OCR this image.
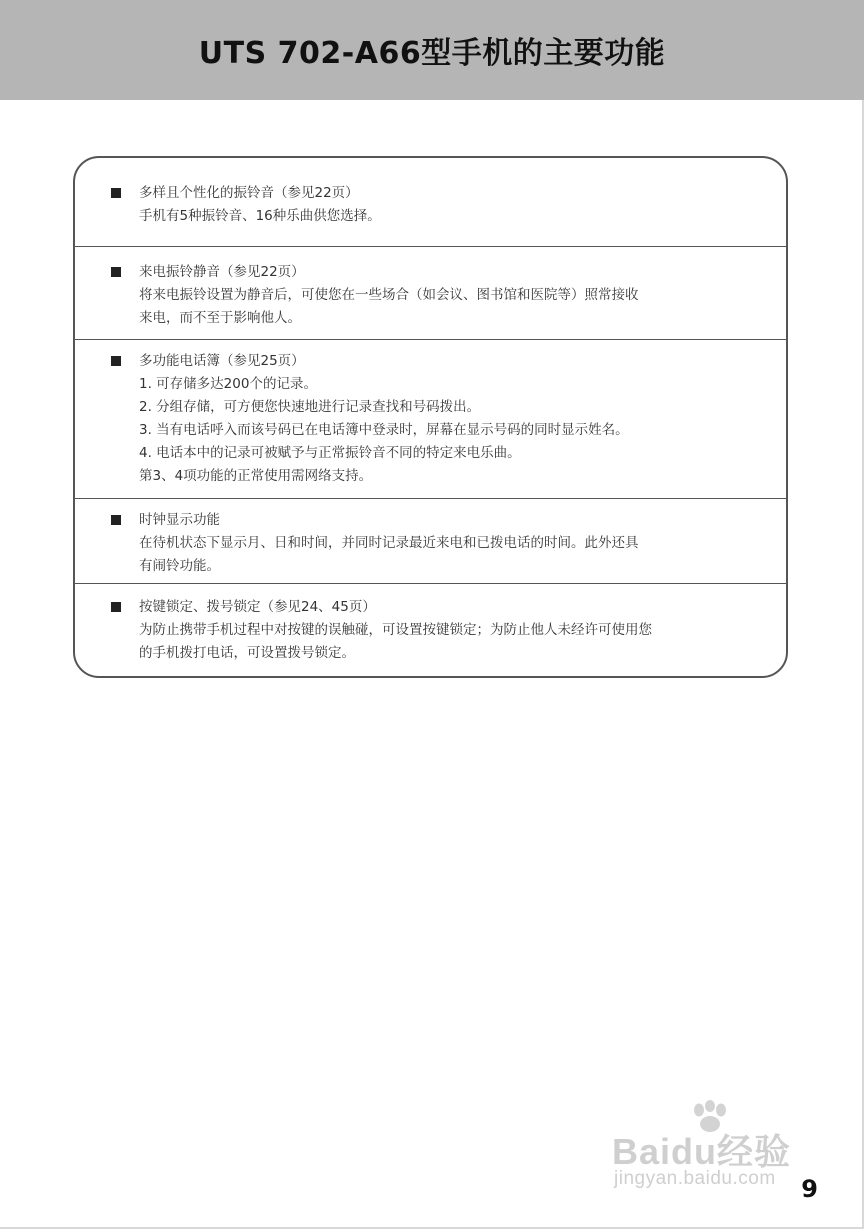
UTS 702-A66型手机的主要功能
多样且个性化的振铃音（参见22页）
手机有5种振铃音、16种乐曲供您选择。
来电振铃静音（参见22页）
将来电振铃设置为静音后，可使您在一些场合（如会议、图书馆和医院等）照常接收
来电，而不至于影响他人。
多功能电话簿（参见25页）
1. 可存储多达200个的记录。
2. 分组存储，可方便您快速地进行记录查找和号码拨出。
3. 当有电话呼入而该号码已在电话簿中登录时，屏幕在显示号码的同时显示姓名。
4. 电话本中的记录可被赋予与正常振铃音不同的特定来电乐曲。
第3、4项功能的正常使用需网络支持。
时钟显示功能
在待机状态下显示月、日和时间，并同时记录最近来电和已拨电话的时间。此外还具
有闹铃功能。
按键锁定、拨号锁定（参见24、45页）
为防止携带手机过程中对按键的误触碰，可设置按键锁定；为防止他人未经许可使用您
的手机拨打电话，可设置拨号锁定。
Baidu经验
jingyan.baidu.com 9
